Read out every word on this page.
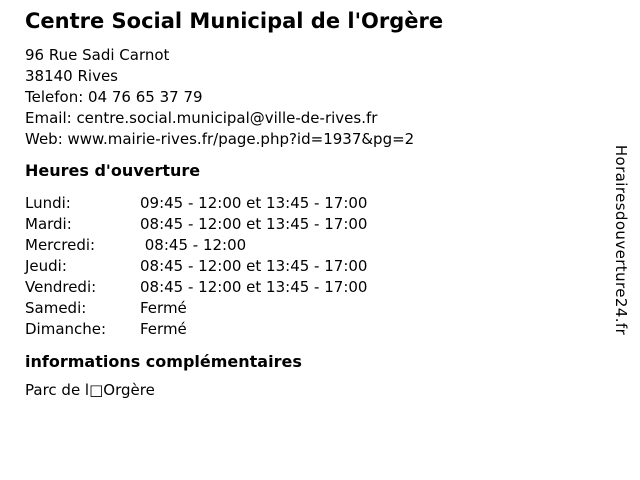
Centre Social Municipal de l'Orgère
96 Rue Sadi Carnot
38140 Rives
Telefon: 04 76 65 37 79
Email: centre.social.municipal@ville-de-rives.fr
Web: www.mairie-rives.fr/page.php?id=1937&pg=2
Heures d'ouverture
Lundi:	09:45 - 12:00 et 13:45 - 17:00
Mardi:	08:45 - 12:00 et 13:45 - 17:00
Mercredi:	08:45 - 12:00
Jeudi:	08:45 - 12:00 et 13:45 - 17:00
Vendredi:	08:45 - 12:00 et 13:45 - 17:00
Samedi:	Fermé
Dimanche:	Fermé
informations complémentaires
Parc de l□Orgère
Horairesdouverture24.fr
